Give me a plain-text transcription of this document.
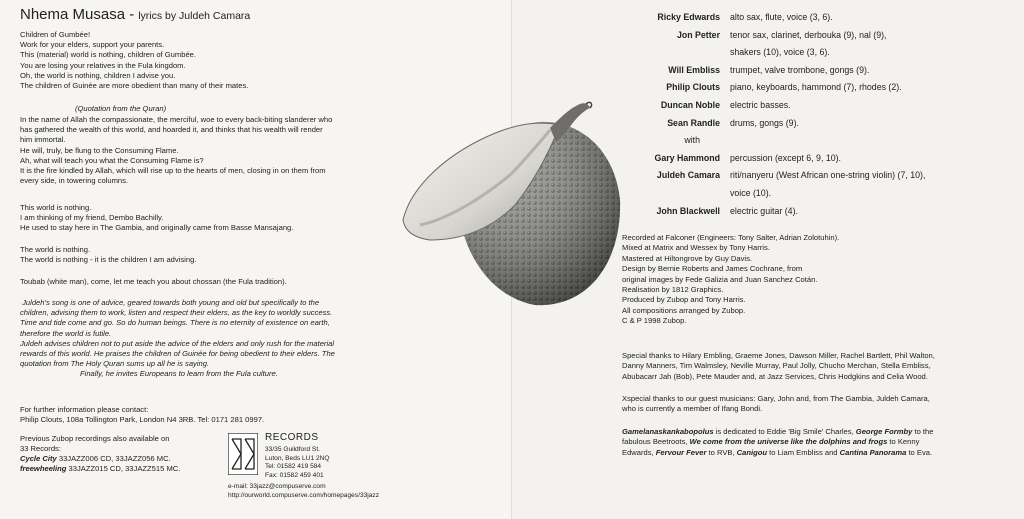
Nhema Musasa - lyrics by Juldeh Camara
Children of Gumbée!
Work for your elders, support your parents.
This (material) world is nothing, children of Gumbée.
You are losing your relatives in the Fula kingdom.
Oh, the world is nothing, children I advise you.
The children of Guinée are more obedient than many of their mates.
(Quotation from the Quran)
In the name of Allah the compassionate, the merciful, woe to every back-biting slanderer who
has gathered the wealth of this world, and hoarded it, and thinks that his wealth will render
him immortal.
He will, truly, be flung to the Consuming Flame.
Ah, what will teach you what the Consuming Flame is?
It is the fire kindled by Allah, which will rise up to the hearts of men, closing in on them from
every side, in towering columns.
This world is nothing.
I am thinking of my friend, Dembo Bachilly.
He used to stay here in The Gambia, and originally came from Basse Mansajang.
The world is nothing.
The world is nothing - it is the children I am advising.
Toubab (white man), come, let me teach you about chossan (the Fula tradition).
Juldeh's song is one of advice, geared towards both young and old but specifically to the
children, advising them to work, listen and respect their elders, as the key to worldly success.
Time and tide come and go. So do human beings. There is no eternity of existence on earth,
therefore the world is futile.
Juldeh advises children not to put aside the advice of the elders and only rush for the material
rewards of this world. He praises the children of Guinée for being obedient to their elders. The
quotation from The Holy Quran sums up all he is saying.
Finally, he invites Europeans to learn from the Fula culture.
For further information please contact:
Philip Clouts, 108a Tollington Park, London N4 3RB. Tel: 0171 281 0997.
Previous Zubop recordings also available on
33 Records:
Cycle City 33JAZZ006 CD, 33JAZZ056 MC.
freewheeling 33JAZZ015 CD, 33JAZZ515 MC.
RECORDS
33/35 Guildford St.
Luton, Beds LU1 2NQ
Tel: 01582 419 584
Fax: 01582 459 401
e-mail: 33jazz@compuserve.com
http://ourworld.compuserve.com/homepages/33jazz
Ricky Edwards alto sax, flute, voice (3, 6).
Jon Petter tenor sax, clarinet, derbouka (9), nal (9),
shakers (10), voice (3, 6).
Will Embliss trumpet, valve trombone, gongs (9).
Philip Clouts piano, keyboards, hammond (7), rhodes (2).
Duncan Noble electric basses.
Sean Randle drums, gongs (9).
with
Gary Hammond percussion (except 6, 9, 10).
Juldeh Camara riti/nanyeru (West African one-string violin) (7, 10),
voice (10).
John Blackwell electric guitar (4).
Recorded at Falconer (Engineers: Tony Salter, Adrian Zolotuhin).
Mixed at Matrix and Wessex by Tony Harris.
Mastered at Hiltongrove by Guy Davis.
Design by Bernie Roberts and James Cochrane, from
original images by Fede Galizia and Juan Sanchez Cotán.
Realisation by 1812 Graphics.
Produced by Zubop and Tony Harris.
All compositions arranged by Zubop.
C & P 1998 Zubop.
Special thanks to Hilary Embling, Graeme Jones, Dawson Miller, Rachel Bartlett, Phil Walton,
Danny Manners, Tim Walmsley, Neville Murray, Paul Jolly, Chucho Merchan, Stella Embliss,
Abubacarr Jah (Bob), Pete Mauder and, at Jazz Services, Chris Hodgkins and Celia Wood.
Xspecial thanks to our guest musicians: Gary, John and, from The Gambia, Juldeh Camara,
who is currently a member of Ifang Bondi.
Gamelanaskankabopolus is dedicated to Eddie 'Big Smile' Charles, George Formby to the
fabulous Beetroots, We come from the universe like the dolphins and frogs to Kenny
Edwards, Fervour Fever to RVB, Canigou to Liam Embliss and Cantina Panorama to Eva.
